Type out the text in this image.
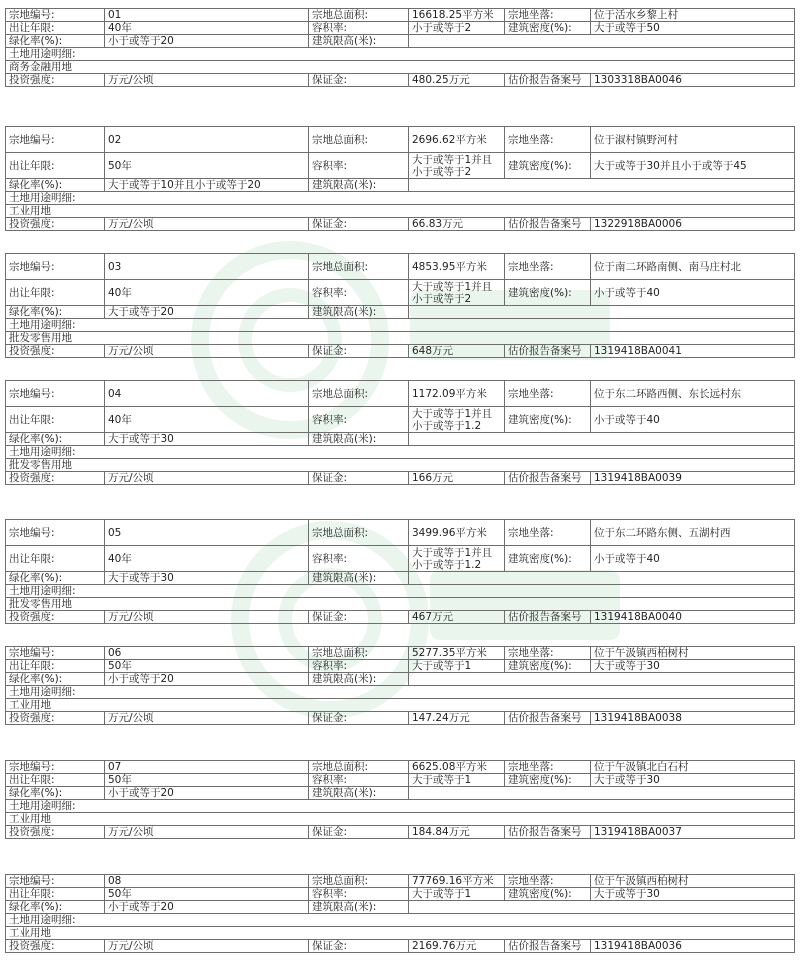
宗地编号:	01	宗地总面积:	16618.25平方米	宗地坐落:	位于活水乡黎上村
出让年限:	40年	容积率:	小于或等于2	建筑密度(%):	大于或等于50
绿化率(%):	小于或等于20	建筑限高(米):			
土地用途明细:					
商务金融用地					
投资强度:	万元/公顷	保证金:	480.25万元	估价报告备案号	1303318BA0046
宗地编号:	02	宗地总面积:	2696.62平方米	宗地坐落:	位于淑村镇野河村
出让年限:	50年	容积率:	大于或等于1并且小于或等于2	建筑密度(%):	大于或等于30并且小于或等于45
绿化率(%):	大于或等于10并且小于或等于20	建筑限高(米):			
土地用途明细:					
工业用地					
投资强度:	万元/公顷	保证金:	66.83万元	估价报告备案号	1322918BA0006
宗地编号:	03	宗地总面积:	4853.95平方米	宗地坐落:	位于南二环路南侧、南马庄村北
出让年限:	40年	容积率:	大于或等于1并且小于或等于2	建筑密度(%):	小于或等于40
绿化率(%):	大于或等于20	建筑限高(米):			
土地用途明细:					
批发零售用地					
投资强度:	万元/公顷	保证金:	648万元	估价报告备案号	1319418BA0041
宗地编号:	04	宗地总面积:	1172.09平方米	宗地坐落:	位于东二环路西侧、东长远村东
出让年限:	40年	容积率:	大于或等于1并且小于或等于1.2	建筑密度(%):	小于或等于40
绿化率(%):	大于或等于30	建筑限高(米):			
土地用途明细:					
批发零售用地					
投资强度:	万元/公顷	保证金:	166万元	估价报告备案号	1319418BA0039
宗地编号:	05	宗地总面积:	3499.96平方米	宗地坐落:	位于东二环路东侧、五湖村西
出让年限:	40年	容积率:	大于或等于1并且小于或等于1.2	建筑密度(%):	小于或等于40
绿化率(%):	大于或等于30	建筑限高(米):			
土地用途明细:					
批发零售用地					
投资强度:	万元/公顷	保证金:	467万元	估价报告备案号	1319418BA0040
宗地编号:	06	宗地总面积:	5277.35平方米	宗地坐落:	位于午汲镇西柏树村
出让年限:	50年	容积率:	大于或等于1	建筑密度(%):	大于或等于30
绿化率(%):	小于或等于20	建筑限高(米):			
土地用途明细:					
工业用地					
投资强度:	万元/公顷	保证金:	147.24万元	估价报告备案号	1319418BA0038
宗地编号:	07	宗地总面积:	6625.08平方米	宗地坐落:	位于午汲镇北白石村
出让年限:	50年	容积率:	大于或等于1	建筑密度(%):	大于或等于30
绿化率(%):	小于或等于20	建筑限高(米):			
土地用途明细:					
工业用地					
投资强度:	万元/公顷	保证金:	184.84万元	估价报告备案号	1319418BA0037
宗地编号:	08	宗地总面积:	77769.16平方米	宗地坐落:	位于午汲镇西柏树村
出让年限:	50年	容积率:	大于或等于1	建筑密度(%):	大于或等于30
绿化率(%):	小于或等于20	建筑限高(米):			
土地用途明细:					
工业用地					
投资强度:	万元/公顷	保证金:	2169.76万元	估价报告备案号	1319418BA0036
